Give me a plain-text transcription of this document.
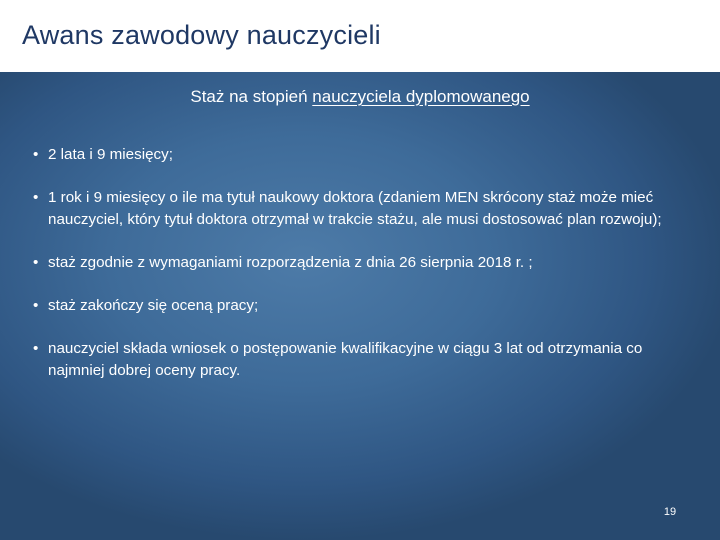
Awans zawodowy nauczycieli
Staż na stopień nauczyciela dyplomowanego
• 2 lata i 9 miesięcy;
• 1 rok i 9 miesięcy o ile ma tytuł naukowy doktora (zdaniem MEN skrócony staż może mieć nauczyciel, który tytuł doktora otrzymał w trakcie stażu, ale musi dostosować plan rozwoju);
• staż zgodnie z wymaganiami rozporządzenia z dnia 26 sierpnia 2018 r. ;
• staż zakończy się oceną pracy;
• nauczyciel składa wniosek o postępowanie kwalifikacyjne w ciągu 3 lat od otrzymania co najmniej dobrej oceny pracy.
19
